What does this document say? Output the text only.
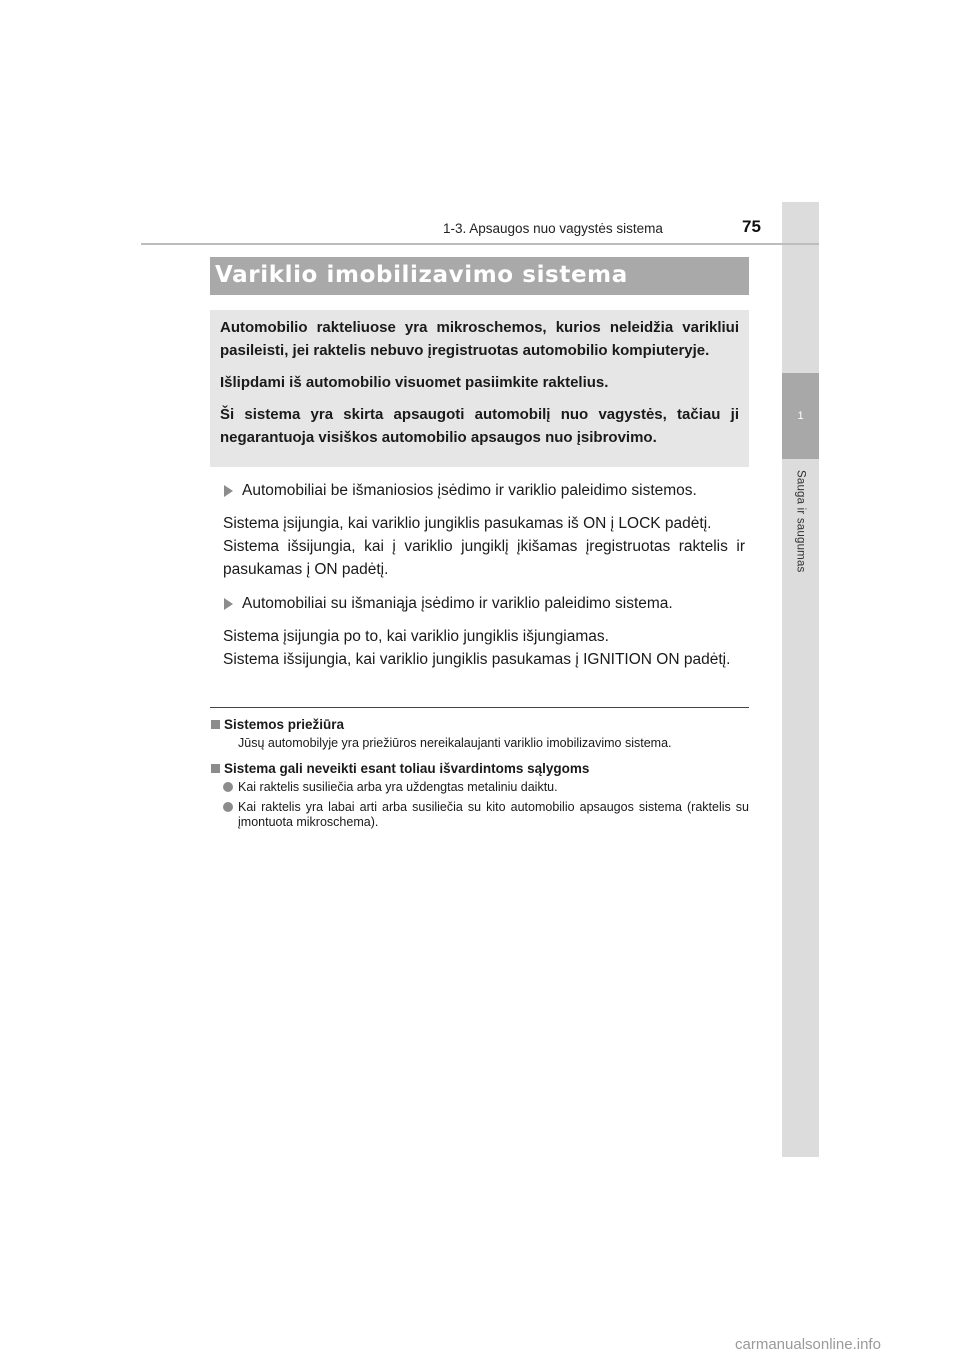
1
Sauga ir saugumas
1-3. Apsaugos nuo vagystės sistema	75
Variklio imobilizavimo sistema

Automobilio rakteliuose yra mikroschemos, kurios neleidžia varikliui pasileisti, jei raktelis nebuvo įregistruotas automobilio kompiuteryje.

Išlipdami iš automobilio visuomet pasiimkite raktelius.

Ši sistema yra skirta apsaugoti automobilį nuo vagystės, tačiau ji negarantuoja visiškos automobilio apsaugos nuo įsibrovimo.

Automobiliai be išmaniosios įsėdimo ir variklio paleidimo sistemos.

Sistema įsijungia, kai variklio jungiklis pasukamas iš ON į LOCK padėtį.
Sistema išsijungia, kai į variklio jungiklį įkišamas įregistruotas raktelis ir pasukamas į ON padėtį.

Automobiliai su išmaniąja įsėdimo ir variklio paleidimo sistema.

Sistema įsijungia po to, kai variklio jungiklis išjungiamas.
Sistema išsijungia, kai variklio jungiklis pasukamas į IGNITION ON padėtį.

Sistemos priežiūra

Jūsų automobilyje yra priežiūros nereikalaujanti variklio imobilizavimo sistema.

Sistema gali neveikti esant toliau išvardintoms sąlygoms
Kai raktelis susiliečia arba yra uždengtas metaliniu daiktu.
Kai raktelis yra labai arti arba susiliečia su kito automobilio apsaugos sistema (raktelis su įmontuota mikroschema).
carmanualsonline.info
